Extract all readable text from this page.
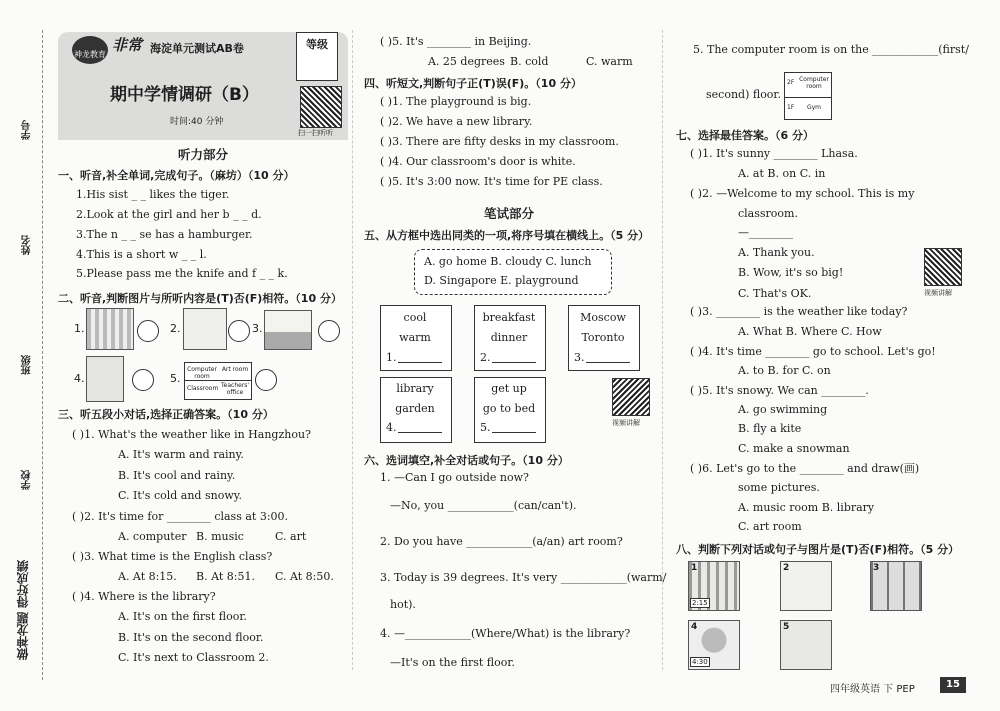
学号
姓名
班级
学校
做神龙题 得好成绩
神龙教育
非常 海淀单元测试AB卷	等级
期中学情调研（B）
时间:40 分钟
扫一扫听听
听力部分
一、听音,补全单词,完成句子。（麻坊）（10 分）
1.His sist _ _ likes the tiger.
2.Look at the girl and her b _ _ d.
3.The n _ _ se has a hamburger.
4.This is a short w _ _ l.
5.Please pass me the knife and f _ _ k.
二、听音,判断图片与所听内容是(T)否(F)相符。（10 分）
1.	2.	3.
4.	5.
Computer room
Art room
Classroom Teachers' office
三、听五段小对话,选择正确答案。（10 分）
( )1. What's the weather like in Hangzhou?
A. It's warm and rainy.
B. It's cool and rainy.
C. It's cold and snowy.
( )2. It's time for ________ class at 3:00.
A. computer B. music	C. art
( )3. What time is the English class?
A. At 8:15. B. At 8:51. C. At 8:50.
( )4. Where is the library?
A. It's on the first floor.
B. It's on the second floor.
C. It's next to Classroom 2.
( )5. It's ________ in Beijing.
A. 25 degrees B. cold	C. warm
四、听短文,判断句子正(T)误(F)。（10 分）
( )1. The playground is big.
( )2. We have a new library.
( )3. There are fifty desks in my classroom.
( )4. Our classroom's door is white.
( )5. It's 3:00 now. It's time for PE class.
笔试部分
五、从方框中选出同类的一项,将序号填在横线上。（5 分）
A. go home B. cloudy C. lunch
D. Singapore E. playground
cool
warm
1.
breakfast
dinner
2.
Moscow
Toronto
3.
library
garden
4.
get up
go to bed
5.	视频讲解
六、选词填空,补全对话或句子。（10 分）
1. —Can I go outside now?
—No, you ____________(can/can't).
2. Do you have ____________(a/an) art room?
3. Today is 39 degrees. It's very ____________(warm/
hot).
4. —____________(Where/What) is the library?
—It's on the first floor.
5. The computer room is on the ____________(first/
second) floor.
2F Computer room
1F	Gym
七、选择最佳答案。（6 分）
( )1. It's sunny ________ Lhasa.
A. at B. on C. in
( )2. —Welcome to my school. This is my
classroom.
—________
A. Thank you.
B. Wow, it's so big!
C. That's OK.	视频讲解
( )3. ________ is the weather like today?
A. What B. Where C. How
( )4. It's time ________ go to school. Let's go!
A. to B. for C. on
( )5. It's snowy. We can ________.
A. go swimming
B. fly a kite
C. make a snowman
( )6. Let's go to the ________ and draw(画)
some pictures.
A. music room B. library
C. art room
八、判断下列对话或句子与图片是(T)否(F)相符。（5 分）
1
2:15
2	3
4
4:30
5
四年级英语 下 PEP	15
